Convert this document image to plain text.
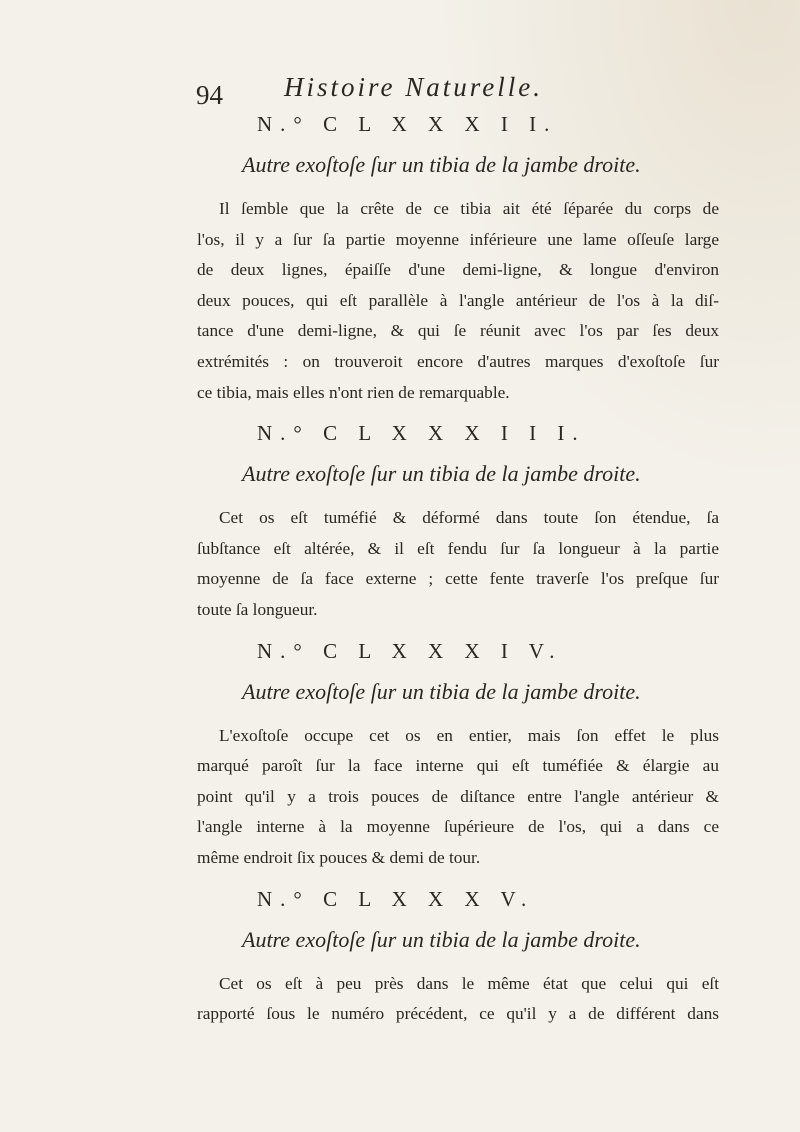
94 Histoire Naturelle.
N.° C L X X X I I.
Autre exoſtoſe ſur un tibia de la jambe droite.
Il ſemble que la crête de ce tibia ait été ſéparée du corps de
l'os, il y a ſur ſa partie moyenne inférieure une lame oſſeuſe large
de deux lignes, épaiſſe d'une demi-ligne, & longue d'environ
deux pouces, qui eſt parallèle à l'angle antérieur de l'os à la diſ-
tance d'une demi-ligne, & qui ſe réunit avec l'os par ſes deux
extrémités : on trouveroit encore d'autres marques d'exoſtoſe ſur
ce tibia, mais elles n'ont rien de remarquable.
N.° C L X X X I I I.
Autre exoſtoſe ſur un tibia de la jambe droite.
Cet os eſt tuméfié & déformé dans toute ſon étendue, ſa
ſubſtance eſt altérée, & il eſt fendu ſur ſa longueur à la partie
moyenne de ſa face externe ; cette fente traverſe l'os preſque ſur
toute ſa longueur.
N.° C L X X X I V.
Autre exoſtoſe ſur un tibia de la jambe droite.
L'exoſtoſe occupe cet os en entier, mais ſon effet le plus
marqué paroît ſur la face interne qui eſt tuméfiée & élargie au
point qu'il y a trois pouces de diſtance entre l'angle antérieur &
l'angle interne à la moyenne ſupérieure de l'os, qui a dans ce
même endroit ſix pouces & demi de tour.
N.° C L X X X V.
Autre exoſtoſe ſur un tibia de la jambe droite.
Cet os eſt à peu près dans le même état que celui qui eſt
rapporté ſous le numéro précédent, ce qu'il y a de différent dans
